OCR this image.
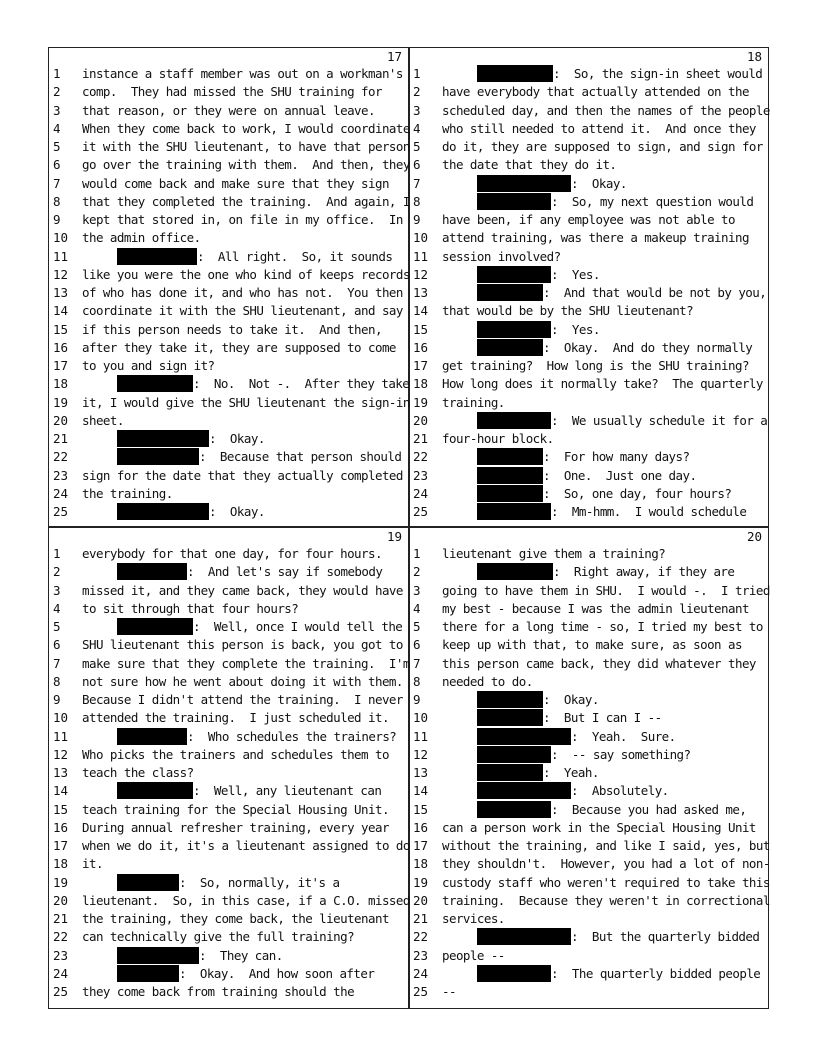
17
1	instance a staff member was out on a workman's
2	comp.  They had missed the SHU training for
3	that reason, or they were on annual leave.
4	When they come back to work, I would coordinate
5	it with the SHU lieutenant, to have that person
6	go over the training with them.  And then, they
7	would come back and make sure that they sign
8	that they completed the training.  And again, I
9	kept that stored in, on file in my office.  In
10	the admin office.
11	:  All right.  So, it sounds
12	like you were the one who kind of keeps records
13	of who has done it, and who has not.  You then
14	coordinate it with the SHU lieutenant, and say
15	if this person needs to take it.  And then,
16	after they take it, they are supposed to come
17	to you and sign it?
18	:  No.  Not -.  After they take
19	it, I would give the SHU lieutenant the sign-in
20	sheet.
21	:  Okay.
22	:  Because that person should
23	sign for the date that they actually completed
24	the training.
25	:  Okay.
18
1	:  So, the sign-in sheet would
2	have everybody that actually attended on the
3	scheduled day, and then the names of the people
4	who still needed to attend it.  And once they
5	do it, they are supposed to sign, and sign for
6	the date that they do it.
7	:  Okay.
8	:  So, my next question would
9	have been, if any employee was not able to
10	attend training, was there a makeup training
11	session involved?
12	:  Yes.
13	:  And that would be not by you,
14	that would be by the SHU lieutenant?
15	:  Yes.
16	:  Okay.  And do they normally
17	get training?  How long is the SHU training?
18	How long does it normally take?  The quarterly
19	training.
20	:  We usually schedule it for a
21	four-hour block.
22	:  For how many days?
23	:  One.  Just one day.
24	:  So, one day, four hours?
25	:  Mm-hmm.  I would schedule
19
1	everybody for that one day, for four hours.
2	:  And let's say if somebody
3	missed it, and they came back, they would have
4	to sit through that four hours?
5	:  Well, once I would tell the
6	SHU lieutenant this person is back, you got to
7	make sure that they complete the training.  I'm
8	not sure how he went about doing it with them.
9	Because I didn't attend the training.  I never
10	attended the training.  I just scheduled it.
11	:  Who schedules the trainers?
12	Who picks the trainers and schedules them to
13	teach the class?
14	:  Well, any lieutenant can
15	teach training for the Special Housing Unit.
16	During annual refresher training, every year
17	when we do it, it's a lieutenant assigned to do
18	it.
19	:  So, normally, it's a
20	lieutenant.  So, in this case, if a C.O. missed
21	the training, they come back, the lieutenant
22	can technically give the full training?
23	:  They can.
24	:  Okay.  And how soon after
25	they come back from training should the
20
1	lieutenant give them a training?
2	:  Right away, if they are
3	going to have them in SHU.  I would -.  I tried
4	my best - because I was the admin lieutenant
5	there for a long time - so, I tried my best to
6	keep up with that, to make sure, as soon as
7	this person came back, they did whatever they
8	needed to do.
9	:  Okay.
10	:  But I can I --
11	:  Yeah.  Sure.
12	:  -- say something?
13	:  Yeah.
14	:  Absolutely.
15	:  Because you had asked me,
16	can a person work in the Special Housing Unit
17	without the training, and like I said, yes, but
18	they shouldn't.  However, you had a lot of non-
19	custody staff who weren't required to take this
20	training.  Because they weren't in correctional
21	services.
22	:  But the quarterly bidded
23	people --
24	:  The quarterly bidded people
25	--
